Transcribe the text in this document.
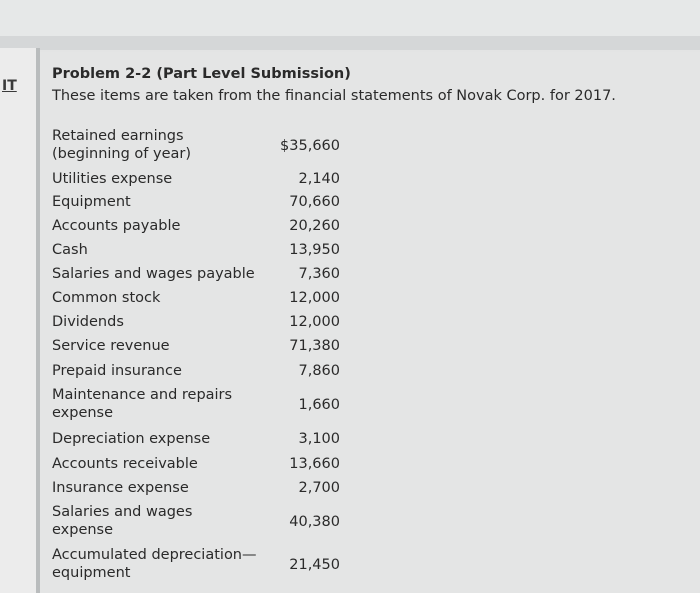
IT
Problem 2-2 (Part Level Submission)
These items are taken from the financial statements of Novak Corp. for 2017.
Retained earnings (beginning of year)	$35,660
Utilities expense	2,140
Equipment	70,660
Accounts payable	20,260
Cash	13,950
Salaries and wages payable	7,360
Common stock	12,000
Dividends	12,000
Service revenue	71,380
Prepaid insurance	7,860
Maintenance and repairs expense	1,660
Depreciation expense	3,100
Accounts receivable	13,660
Insurance expense	2,700
Salaries and wages expense	40,380
Accumulated depreciation—equipment	21,450
